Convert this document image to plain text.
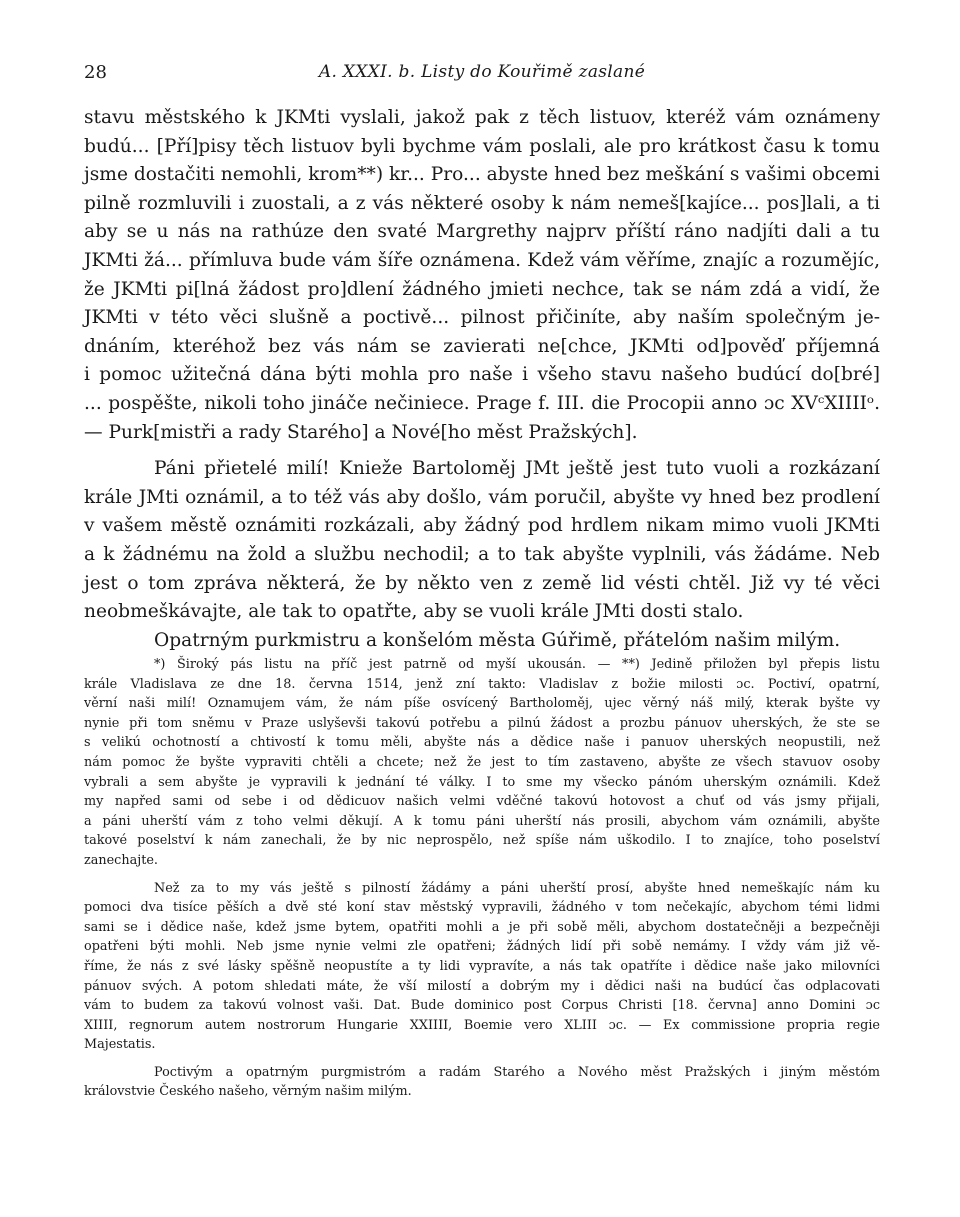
28	A. XXXI. b. Listy do Kouřimě zaslané
stavu městského k JKMti vyslali, jakož pak z těch listuov, kteréž vám oznámeny
budú... [Pří]pisy těch listuov byli bychme vám poslali, ale pro krátkost času k tomu
jsme dostačiti nemohli, krom**) kr... Pro... abyste hned bez meškání s vašimi obcemi
pilně rozmluvili i zuostali, a z vás některé osoby k nám nemeš[kajíce... pos]lali, a ti
aby se u nás na rathúze den svaté Margrethy najprv příští ráno nadjíti dali a tu
JKMti žá... přímluva bude vám šíře oznámena. Kdež vám věříme, znajíc a rozumějíc,
že JKMti pi[lná žádost pro]dlení žádného jmieti nechce, tak se nám zdá a vidí, že
JKMti v této věci slušně a poctivě... pilnost přičiníte, aby naším společným je-
dnáním, kteréhož bez vás nám se zavierati ne[chce, JKMti od]pověď příjemná
i pomoc užitečná dána býti mohla pro naše i všeho stavu našeho budúcí do[bré]
... pospěšte, nikoli toho jináče nečiniece. Prage f. III. die Procopii anno ɔc XVᶜXIIIIᵒ.
— Purk[mistři a rady Starého] a Nové[ho měst Pražských].
Páni přietelé milí! Knieže Bartoloměj JMt ještě jest tuto vuoli a rozkázaní
krále JMti oznámil, a to též vás aby došlo, vám poručil, abyšte vy hned bez prodlení
v vašem městě oznámiti rozkázali, aby žádný pod hrdlem nikam mimo vuoli JKMti
a k žádnému na žold a službu nechodil; a to tak abyšte vyplnili, vás žádáme. Neb
jest o tom zpráva některá, že by někto ven z země lid vésti chtěl. Již vy té věci
neobmeškávajte, ale tak to opatřte, aby se vuoli krále JMti dosti stalo.
Opatrným purkmistru a konšelóm města Gúřimě, přátelóm našim milým.
*) Široký pás listu na příč jest patrně od myší ukousán. — **) Jedině přiložen byl přepis listu
krále Vladislava ze dne 18. června 1514, jenž zní takto: Vladislav z božie milosti ɔc. Poctiví, opatrní,
věrní naši milí! Oznamujem vám, že nám píše osvícený Bartholoměj, ujec věrný náš milý, kterak byšte vy
nynie při tom sněmu v Praze uslyševši takovú potřebu a pilnú žádost a prozbu pánuov uherských, že ste se
s velikú ochotností a chtivostí k tomu měli, abyšte nás a dědice naše i panuov uherských neopustili, než
nám pomoc že byšte vypraviti chtěli a chcete; než že jest to tím zastaveno, abyšte ze všech stavuov osoby
vybrali a sem abyšte je vypravili k jednání té války. I to sme my všecko pánóm uherským oznámili. Kdež
my napřed sami od sebe i od dědicuov našich velmi vděčné takovú hotovost a chuť od vás jsmy přijali,
a páni uherští vám z toho velmi děkují. A k tomu páni uherští nás prosili, abychom vám oznámili, abyšte
takové poselství k nám zanechali, že by nic neprospělo, než spíše nám uškodilo. I to znajíce, toho poselství
zanechajte.
Než za to my vás ještě s pilností žádámy a páni uherští prosí, abyšte hned nemeškajíc nám ku
pomoci dva tisíce pěších a dvě sté koní stav městský vypravili, žádného v tom nečekajíc, abychom témi lidmi
sami se i dědice naše, kdež jsme bytem, opatřiti mohli a je při sobě měli, abychom dostatečněji a bezpečněji
opatřeni býti mohli. Neb jsme nynie velmi zle opatřeni; žádných lidí při sobě nemámy. I vždy vám již vě-
říme, že nás z své lásky spěšně neopustíte a ty lidi vypravíte, a nás tak opatříte i dědice naše jako milovníci
pánuov svých. A potom shledati máte, že vší milostí a dobrým my i dědici naši na budúcí čas odplacovati
vám to budem za takovú volnost vaši. Dat. Bude dominico post Corpus Christi [18. června] anno Domini ɔc
XIIII, regnorum autem nostrorum Hungarie XXIIII, Boemie vero XLIII ɔc. — Ex commissione propria regie
Majestatis.
Poctivým a opatrným purgmistróm a radám Starého a Nového měst Pražských i jiným městóm
královstvie Českého našeho, věrným našim milým.
